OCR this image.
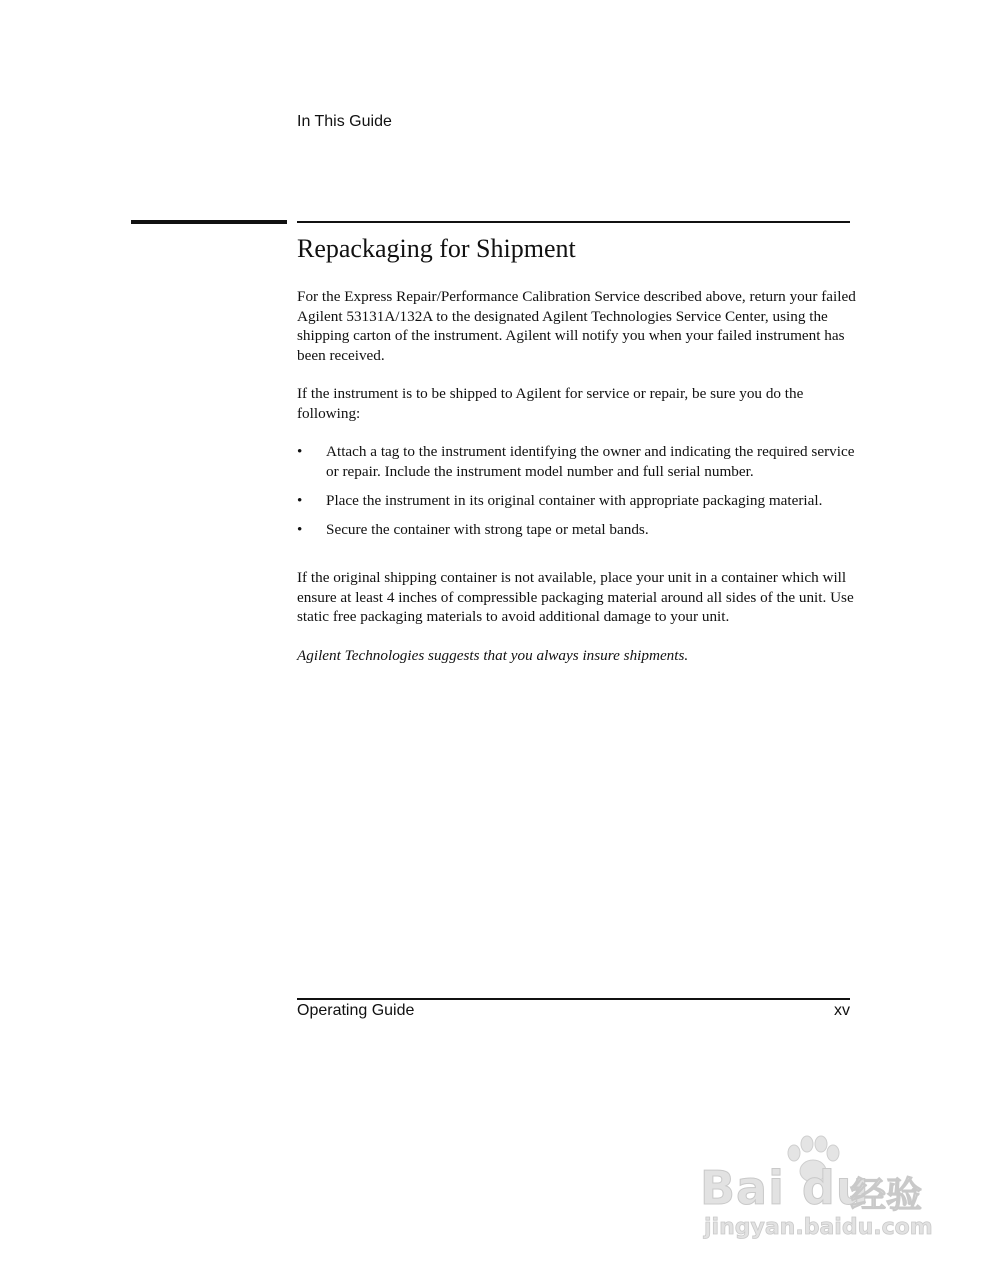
In This Guide
Repackaging for Shipment

For the Express Repair/Performance Calibration Service described above, return your failed Agilent 53131A/132A to the designated Agilent Technologies Service Center, using the shipping carton of the instrument. Agilent will notify you when your failed instrument has been received.

If the instrument is to be shipped to Agilent for service or repair, be sure you do the following:

• Attach a tag to the instrument identifying the owner and indicating the required service or repair. Include the instrument model number and full serial number.
• Place the instrument in its original container with appropriate packaging material.
• Secure the container with strong tape or metal bands.

If the original shipping container is not available, place your unit in a container which will ensure at least 4 inches of compressible packaging material around all sides of the unit. Use static free packaging materials to avoid additional damage to your unit.

Agilent Technologies suggests that you always insure shipments.

Operating Guide	xv
Bai du
经验
jingyan.baidu.com
